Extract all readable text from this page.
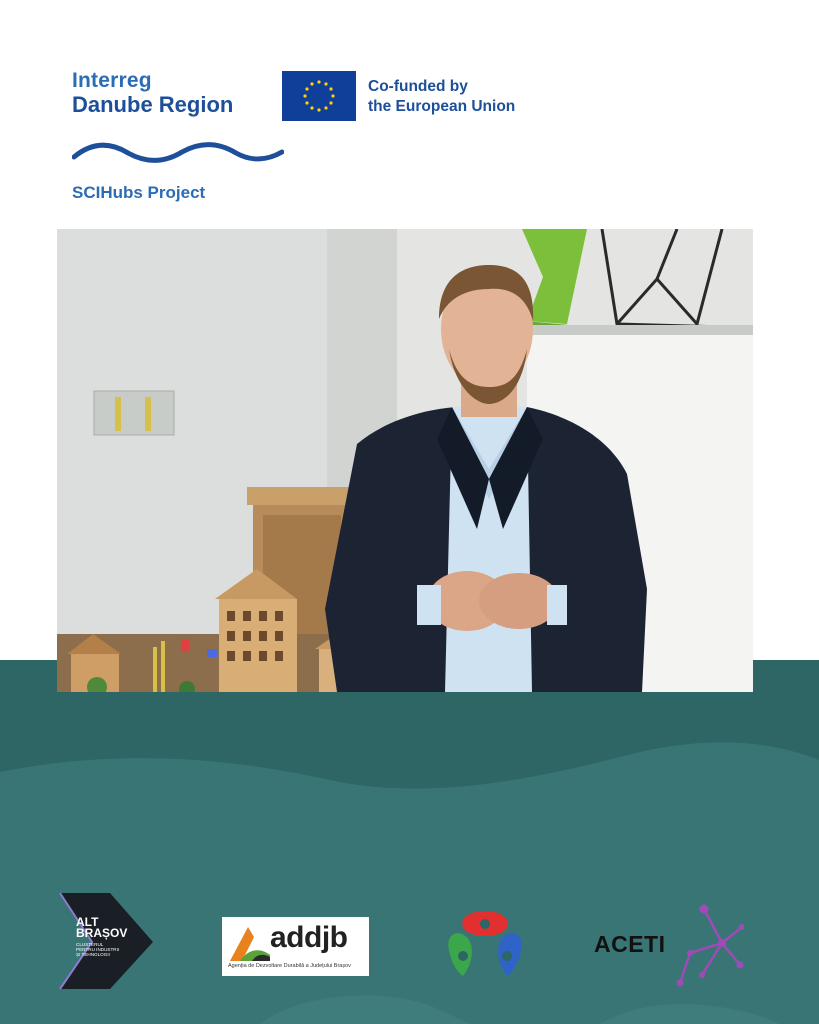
Interreg
Danube Region
Co-funded by
the European Union
SCIHubs Project
ALT
BRAȘOV
CLUSTERUL PENTRU INDUSTRII ȘI TEHNOLOGII
addjb
Agenția de Dezvoltare Durabilă a Județului Brașov
ACETI
